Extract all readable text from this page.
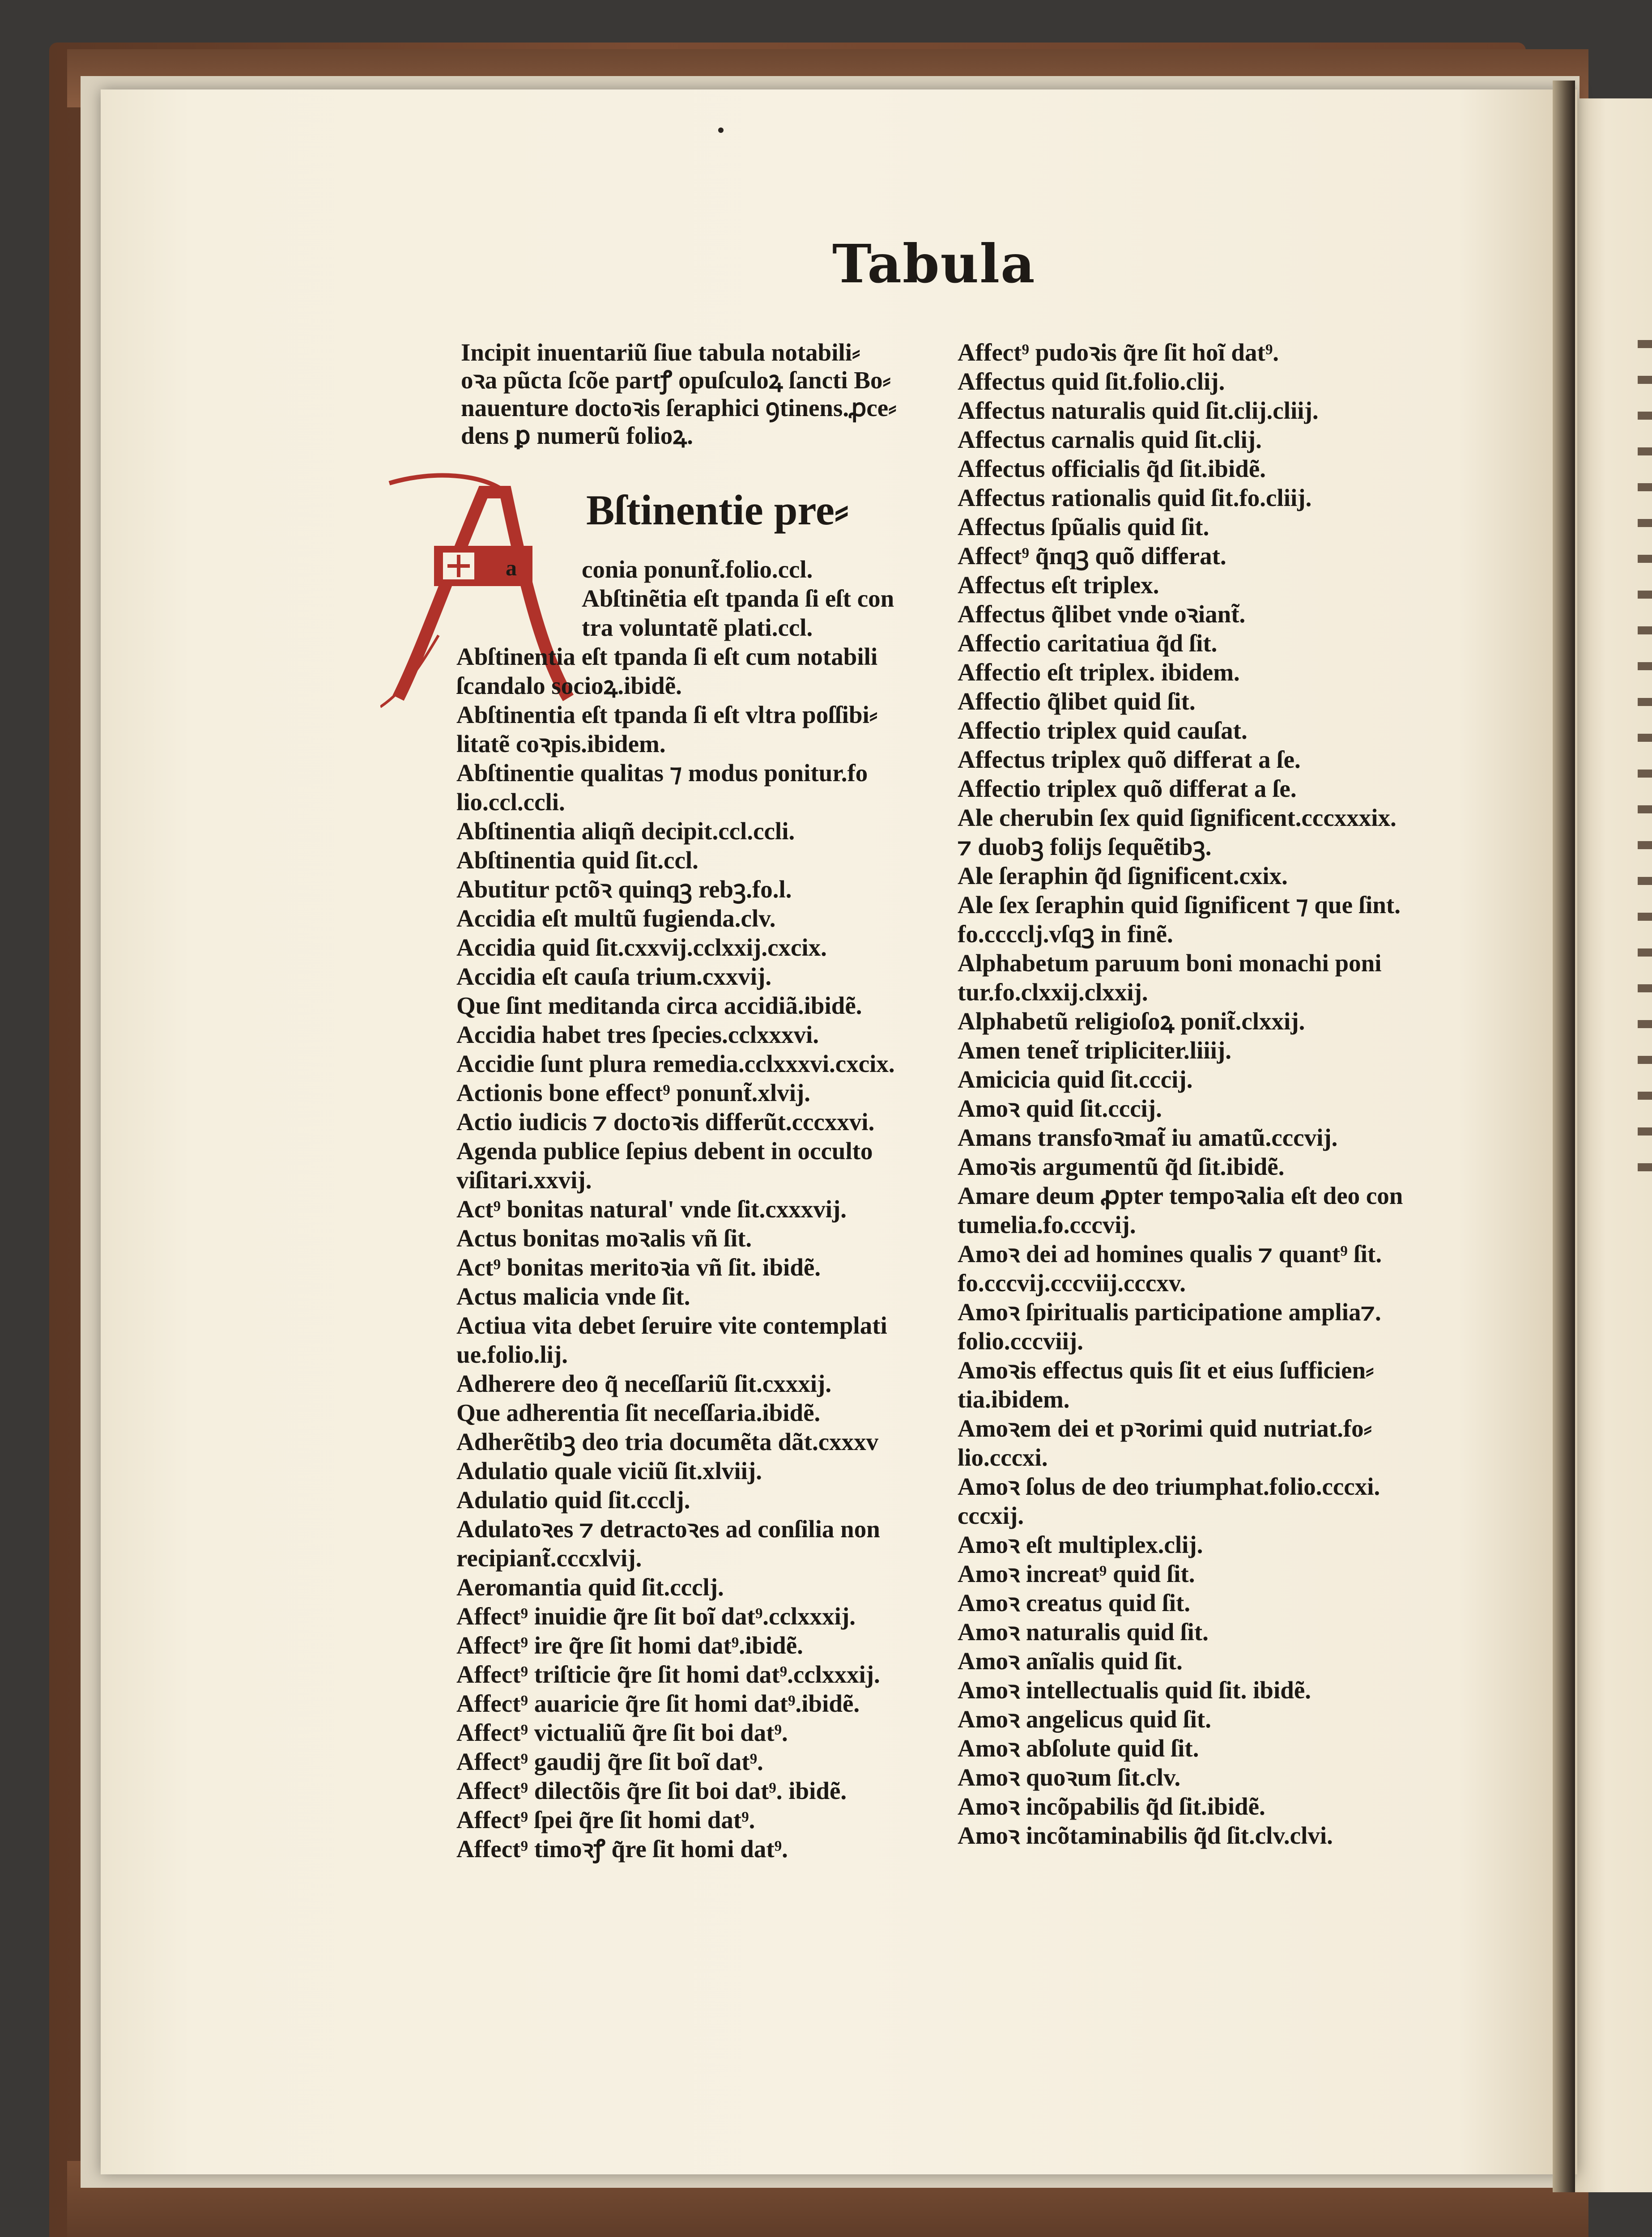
Tabula
Incipit inuentariũ ſiue tabula notabili⸗
oꝛa pũcta ſcõe partꝭ opuſculoꝝ ſancti Bo⸗
nauenture doctoꝛis ſeraphici ꝯtinens.ꝓce⸗
dens ꝑ numerũ folioꝝ.
Bſtinentie pre⸗
a	conia ponunt̃.folio.ccl.
Abſtinẽtia eſt tpanda ſi eſt con
tra voluntatẽ plati.ccl.
Abſtinentia eſt tpanda ſi eſt cum notabili
ſcandalo socioꝝ.ibidẽ.
Abſtinentia eſt tpanda ſi eſt vltra poſſibi⸗
litatẽ coꝛpis.ibidem.
Abſtinentie qualitas ⁊ modus ponitur.fo
lio.ccl.ccli.
Abſtinentia aliqñ decipit.ccl.ccli.
Abſtinentia quid ſit.ccl.
Abutitur pctõꝛ quinqꝫ rebꝫ.fo.l.
Accidia eſt multũ fugienda.clv.
Accidia quid ſit.cxxvij.cclxxij.cxcix.
Accidia eſt cauſa trium.cxxvij.
Que ſint meditanda circa accidiã.ibidẽ.
Accidia habet tres ſpecies.cclxxxvi.
Accidie ſunt plura remedia.cclxxxvi.cxcix.
Actionis bone effect⁹ ponunt̃.xlvij.
Actio iudicis ⁊ doctoꝛis differũt.cccxxvi.
Agenda publice ſepius debent in occulto
viſitari.xxvij.
Act⁹ bonitas natural' vnde ſit.cxxxvij.
Actus bonitas moꝛalis vñ ſit.
Act⁹ bonitas meritoꝛia vñ ſit. ibidẽ.
Actus malicia vnde ſit.
Actiua vita debet ſeruire vite contemplati
ue.folio.lij.
Adherere deo q̃ neceſſariũ ſit.cxxxij.
Que adherentia ſit neceſſaria.ibidẽ.
Adherẽtibꝫ deo tria documẽta dãt.cxxxv
Adulatio quale viciũ ſit.xlviij.
Adulatio quid ſit.ccclj.
Adulatoꝛes ⁊ detractoꝛes ad conſilia non
recipiant̃.cccxlvij.
Aeromantia quid ſit.ccclj.
Affect⁹ inuidie q̃re ſit boĩ dat⁹.cclxxxij.
Affect⁹ ire q̃re ſit homi dat⁹.ibidẽ.
Affect⁹ triſticie q̃re ſit homi dat⁹.cclxxxij.
Affect⁹ auaricie q̃re ſit homi dat⁹.ibidẽ.
Affect⁹ victualiũ q̃re ſit boi dat⁹.
Affect⁹ gaudij q̃re ſit boĩ dat⁹.
Affect⁹ dilectõis q̃re ſit boi dat⁹. ibidẽ.
Affect⁹ ſpei q̃re ſit homi dat⁹.
Affect⁹ timoꝛꝭ q̃re ſit homi dat⁹.
Affect⁹ pudoꝛis q̃re ſit hoĩ dat⁹.
Affectus quid ſit.folio.clij.
Affectus naturalis quid ſit.clij.cliij.
Affectus carnalis quid ſit.clij.
Affectus officialis q̃d ſit.ibidẽ.
Affectus rationalis quid ſit.fo.cliij.
Affectus ſpũalis quid ſit.
Affect⁹ q̃nqꝫ quõ differat.
Affectus eſt triplex.
Affectus q̃libet vnde oꝛiant̃.
Affectio caritatiua q̃d ſit.
Affectio eſt triplex. ibidem.
Affectio q̃libet quid ſit.
Affectio triplex quid cauſat.
Affectus triplex quõ differat a ſe.
Affectio triplex quõ differat a ſe.
Ale cherubin ſex quid ſignificent.cccxxxix.
⁊ duobꝫ folijs ſequẽtibꝫ.
Ale ſeraphin q̃d ſignificent.cxix.
Ale ſex ſeraphin quid ſignificent ⁊ que ſint.
fo.cccclj.vſqꝫ in finẽ.
Alphabetum paruum boni monachi poni
tur.fo.clxxij.clxxij.
Alphabetũ religioſoꝝ ponit̃.clxxij.
Amen tenet̃ tripliciter.liiij.
Amicicia quid ſit.cccij.
Amoꝛ quid ſit.cccij.
Amans transfoꝛmat̃ iu amatũ.cccvij.
Amoꝛis argumentũ q̃d ſit.ibidẽ.
Amare deum ꝓpter tempoꝛalia eſt deo con
tumelia.fo.cccvij.
Amoꝛ dei ad homines qualis ⁊ quant⁹ ſit.
fo.cccvij.cccviij.cccxv.
Amoꝛ ſpiritualis participatione amplia⁊.
folio.cccviij.
Amoꝛis effectus quis ſit et eius ſufficien⸗
tia.ibidem.
Amoꝛem dei et pꝛorimi quid nutriat.fo⸗
lio.cccxi.
Amoꝛ ſolus de deo triumphat.folio.cccxi.
cccxij.
Amoꝛ eſt multiplex.clij.
Amoꝛ increat⁹ quid ſit.
Amoꝛ creatus quid ſit.
Amoꝛ naturalis quid ſit.
Amoꝛ anĩalis quid ſit.
Amoꝛ intellectualis quid ſit. ibidẽ.
Amoꝛ angelicus quid ſit.
Amoꝛ abſolute quid ſit.
Amoꝛ quoꝛum ſit.clv.
Amoꝛ incõpabilis q̃d ſit.ibidẽ.
Amoꝛ incõtaminabilis q̃d ſit.clv.clvi.
